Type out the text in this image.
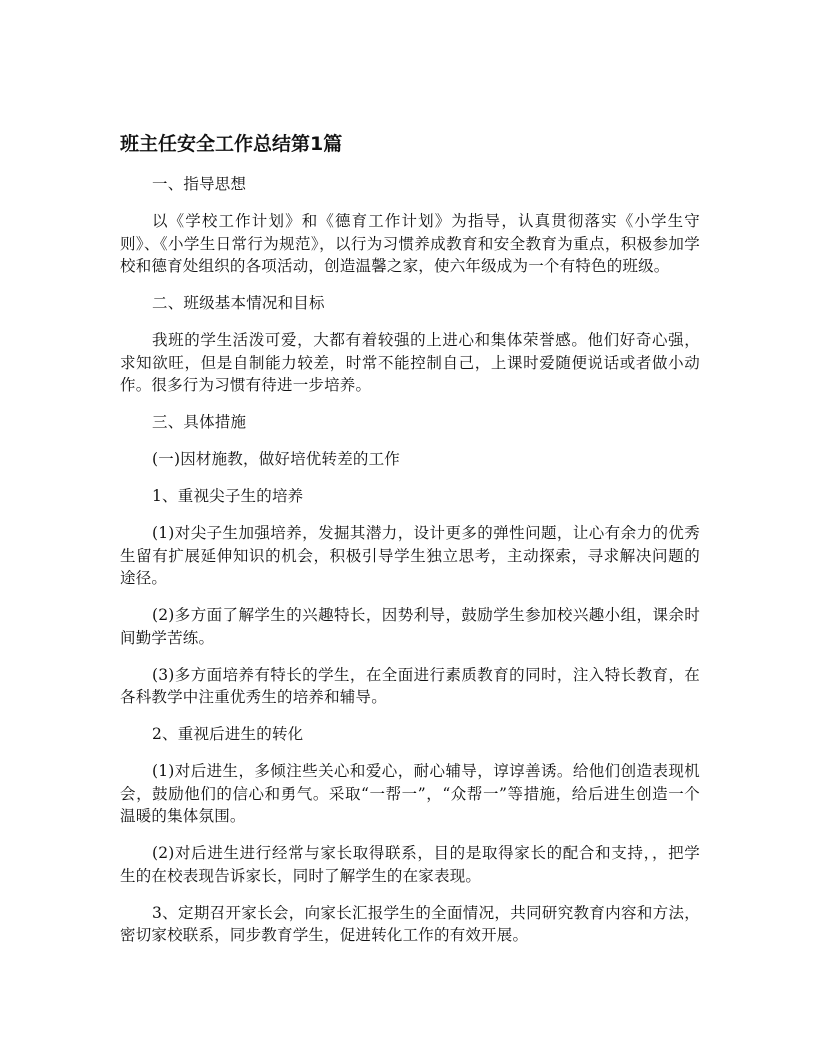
班主任安全工作总结第1篇

一、指导思想

以《学校工作计划》和《德育工作计划》为指导，认真贯彻落实《小学生守则》、《小学生日常行为规范》，以行为习惯养成教育和安全教育为重点，积极参加学校和德育处组织的各项活动，创造温馨之家，使六年级成为一个有特色的班级。

二、班级基本情况和目标

我班的学生活泼可爱，大都有着较强的上进心和集体荣誉感。他们好奇心强，求知欲旺，但是自制能力较差，时常不能控制自己，上课时爱随便说话或者做小动作。很多行为习惯有待进一步培养。

三、具体措施

(一)因材施教，做好培优转差的工作

1、重视尖子生的培养

(1)对尖子生加强培养，发掘其潜力，设计更多的弹性问题，让心有余力的优秀生留有扩展延伸知识的机会，积极引导学生独立思考，主动探索，寻求解决问题的途径。

(2)多方面了解学生的兴趣特长，因势利导，鼓励学生参加校兴趣小组，课余时间勤学苦练。

(3)多方面培养有特长的学生，在全面进行素质教育的同时，注入特长教育，在各科教学中注重优秀生的培养和辅导。

2、重视后进生的转化

(1)对后进生，多倾注些关心和爱心，耐心辅导，谆谆善诱。给他们创造表现机会，鼓励他们的信心和勇气。采取“一帮一”，“众帮一”等措施，给后进生创造一个温暖的集体氛围。

(2)对后进生进行经常与家长取得联系，目的是取得家长的配合和支持，，把学生的在校表现告诉家长，同时了解学生的在家表现。

3、定期召开家长会，向家长汇报学生的全面情况，共同研究教育内容和方法，密切家校联系，同步教育学生，促进转化工作的有效开展。
